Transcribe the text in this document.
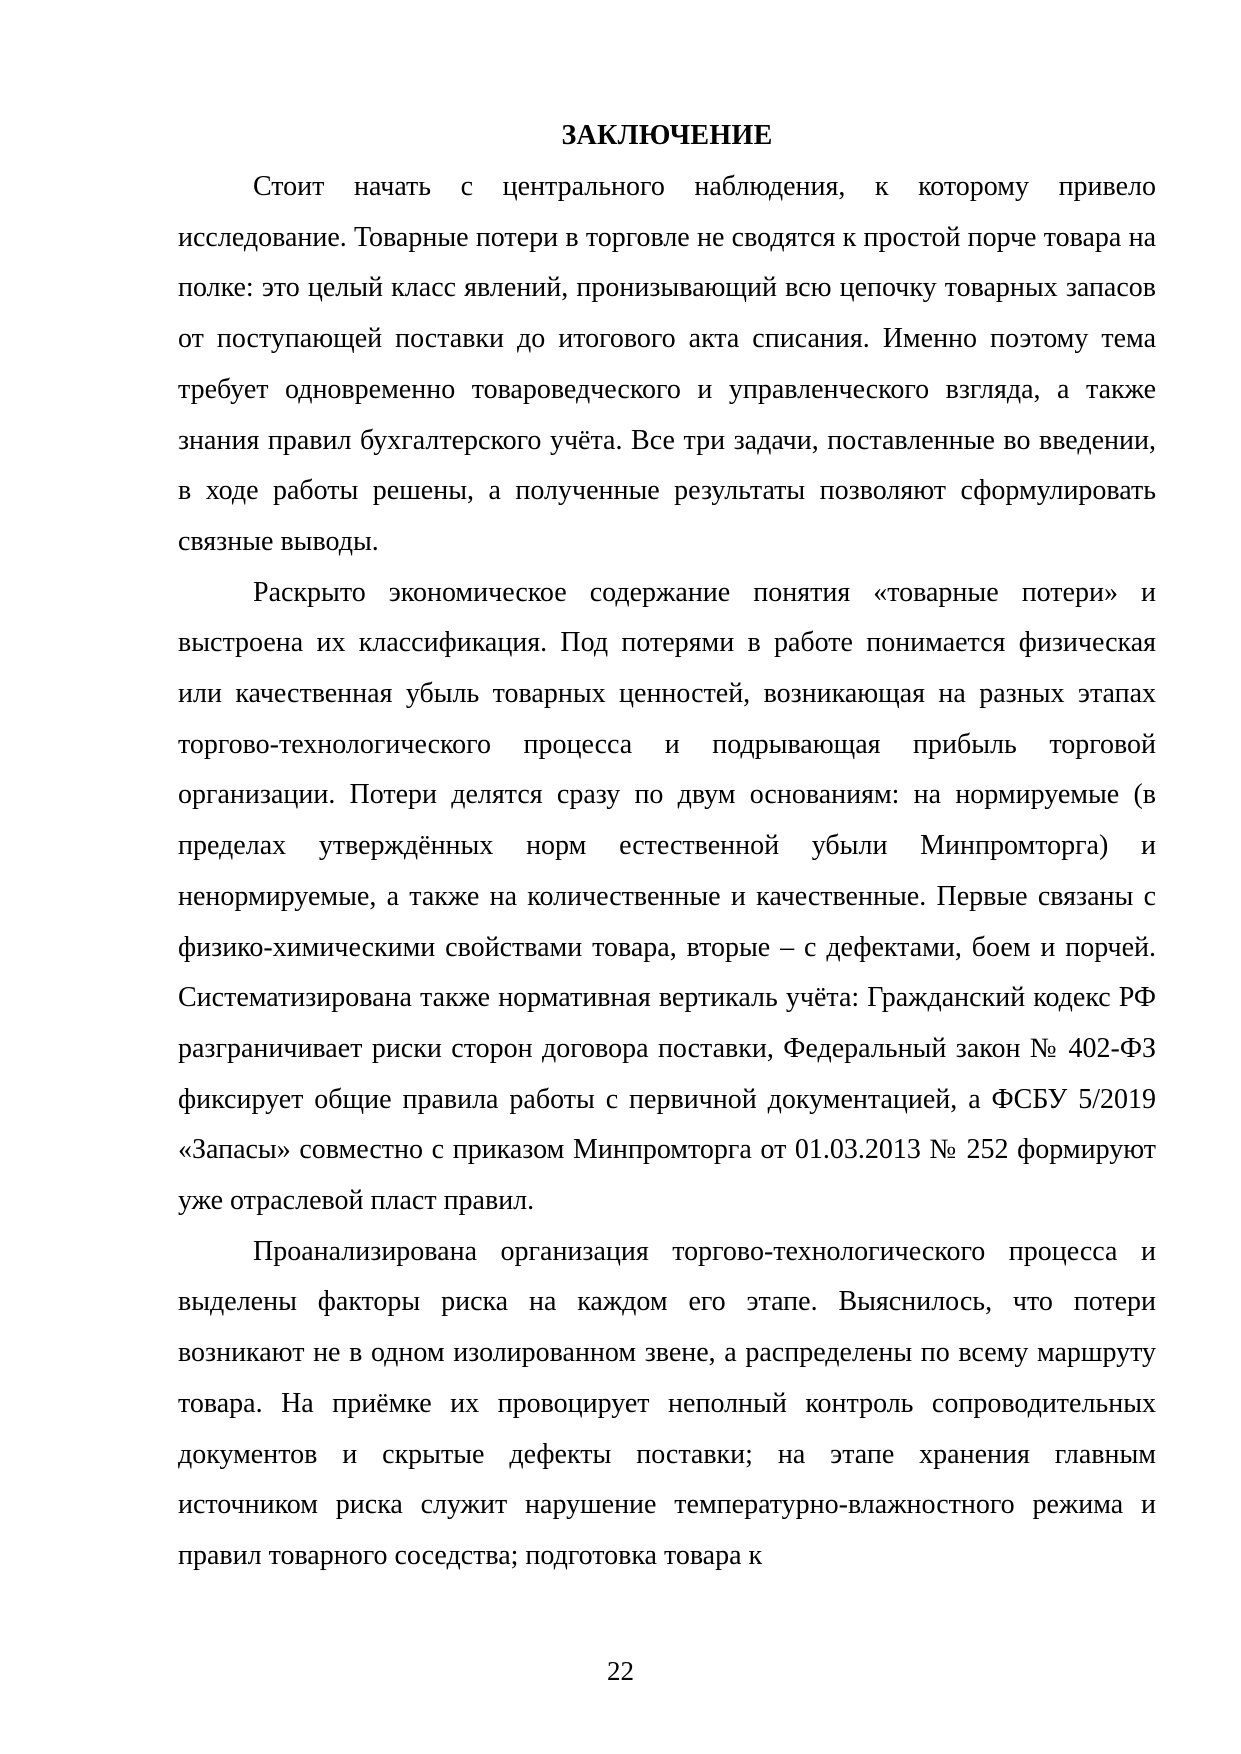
ЗАКЛЮЧЕНИЕ

Стоит начать с центрального наблюдения, к которому привело исследование. Товарные потери в торговле не сводятся к простой порче товара на полке: это целый класс явлений, пронизывающий всю цепочку товарных запасов от поступающей поставки до итогового акта списания. Именно поэтому тема требует одновременно товароведческого и управленческого взгляда, а также знания правил бухгалтерского учёта. Все три задачи, поставленные во введении, в ходе работы решены, а полученные результаты позволяют сформулировать связные выводы.

Раскрыто экономическое содержание понятия «товарные потери» и выстроена их классификация. Под потерями в работе понимается физическая или качественная убыль товарных ценностей, возникающая на разных этапах торгово-технологического процесса и подрывающая прибыль торговой организации. Потери делятся сразу по двум основаниям: на нормируемые (в пределах утверждённых норм естественной убыли Минпромторга) и ненормируемые, а также на количественные и качественные. Первые связаны с физико-химическими свойствами товара, вторые – с дефектами, боем и порчей. Систематизирована также нормативная вертикаль учёта: Гражданский кодекс РФ разграничивает риски сторон договора поставки, Федеральный закон № 402-ФЗ фиксирует общие правила работы с первичной документацией, а ФСБУ 5/2019 «Запасы» совместно с приказом Минпромторга от 01.03.2013 № 252 формируют уже отраслевой пласт правил.

Проанализирована организация торгово-технологического процесса и выделены факторы риска на каждом его этапе. Выяснилось, что потери возникают не в одном изолированном звене, а распределены по всему маршруту товара. На приёмке их провоцирует неполный контроль сопроводительных документов и скрытые дефекты поставки; на этапе хранения главным источником риска служит нарушение температурно-влажностного режима и правил товарного соседства; подготовка товара к

22
